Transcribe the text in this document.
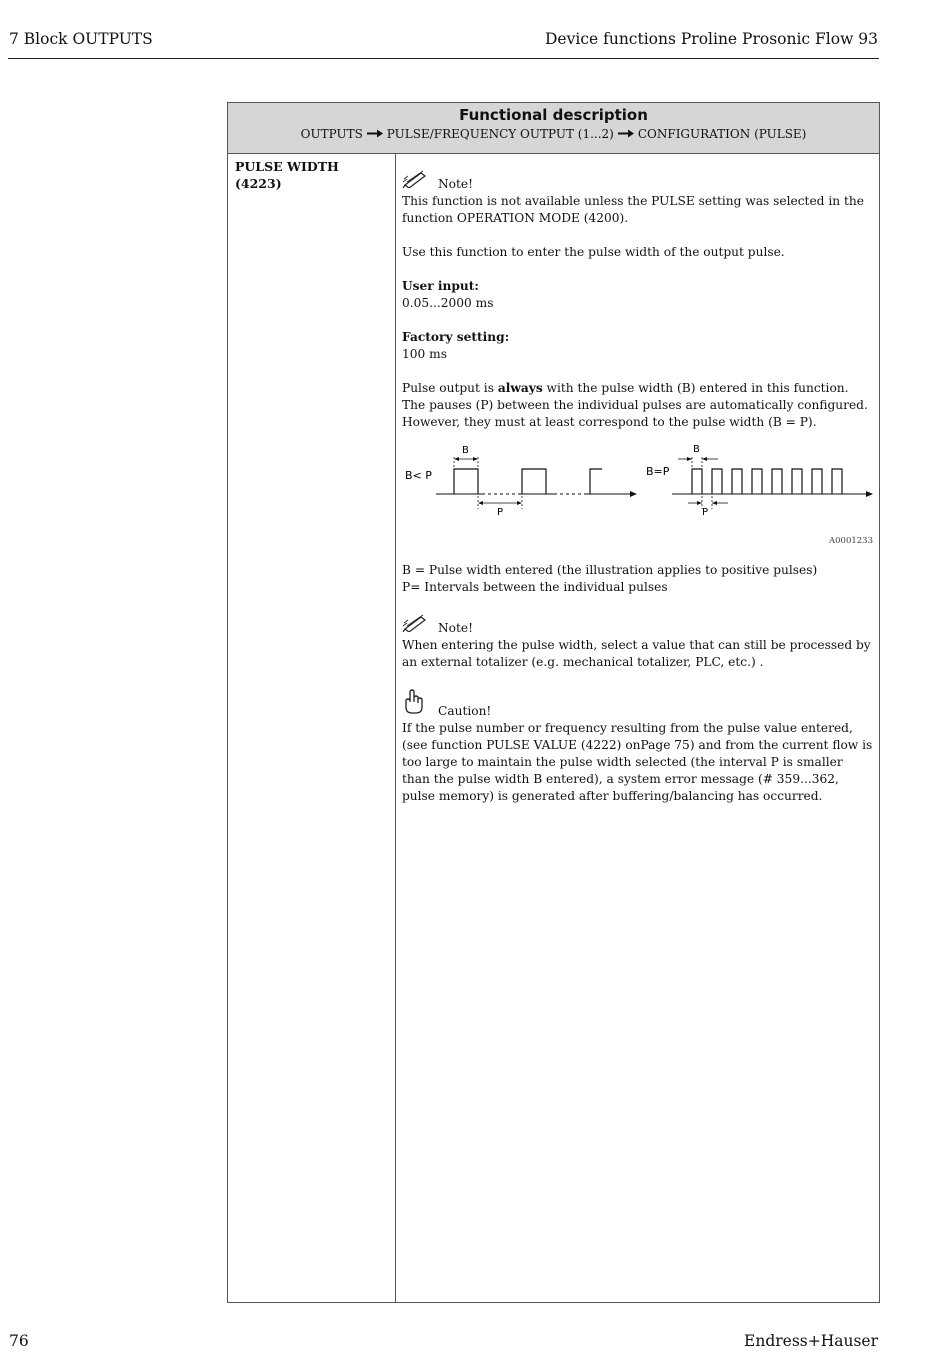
7 Block OUTPUTS	Device functions Proline Prosonic Flow 93
Functional description
OUTPUTS PULSE/FREQUENCY OUTPUT (1...2) CONFIGURATION (PULSE)
PULSE WIDTH
(4223)	Note!

This function is not available unless the PULSE setting was selected in the function OPERATION MODE (4200).

Use this function to enter the pulse width of the output pulse.

User input:

0.05...2000 ms

Factory setting:

100 ms

Pulse output is always with the pulse width (B) entered in this function. The pauses (P) between the individual pulses are automatically configured. However, they must at least correspond to the pulse width (B = P).

B< P
B
P
B=P
B
P
A0001233

B = Pulse width entered (the illustration applies to positive pulses)

P= Intervals between the individual pulses

Note!

When entering the pulse width, select a value that can still be processed by an external totalizer (e.g. mechanical totalizer, PLC, etc.) .

Caution!

If the pulse number or frequency resulting from the pulse value entered, (see function PULSE VALUE (4222) onPage 75) and from the current flow is too large to maintain the pulse width selected (the interval P is smaller than the pulse width B entered), a system error message (# 359...362, pulse memory) is generated after buffering/balancing has occurred.

76	Endress+Hauser
